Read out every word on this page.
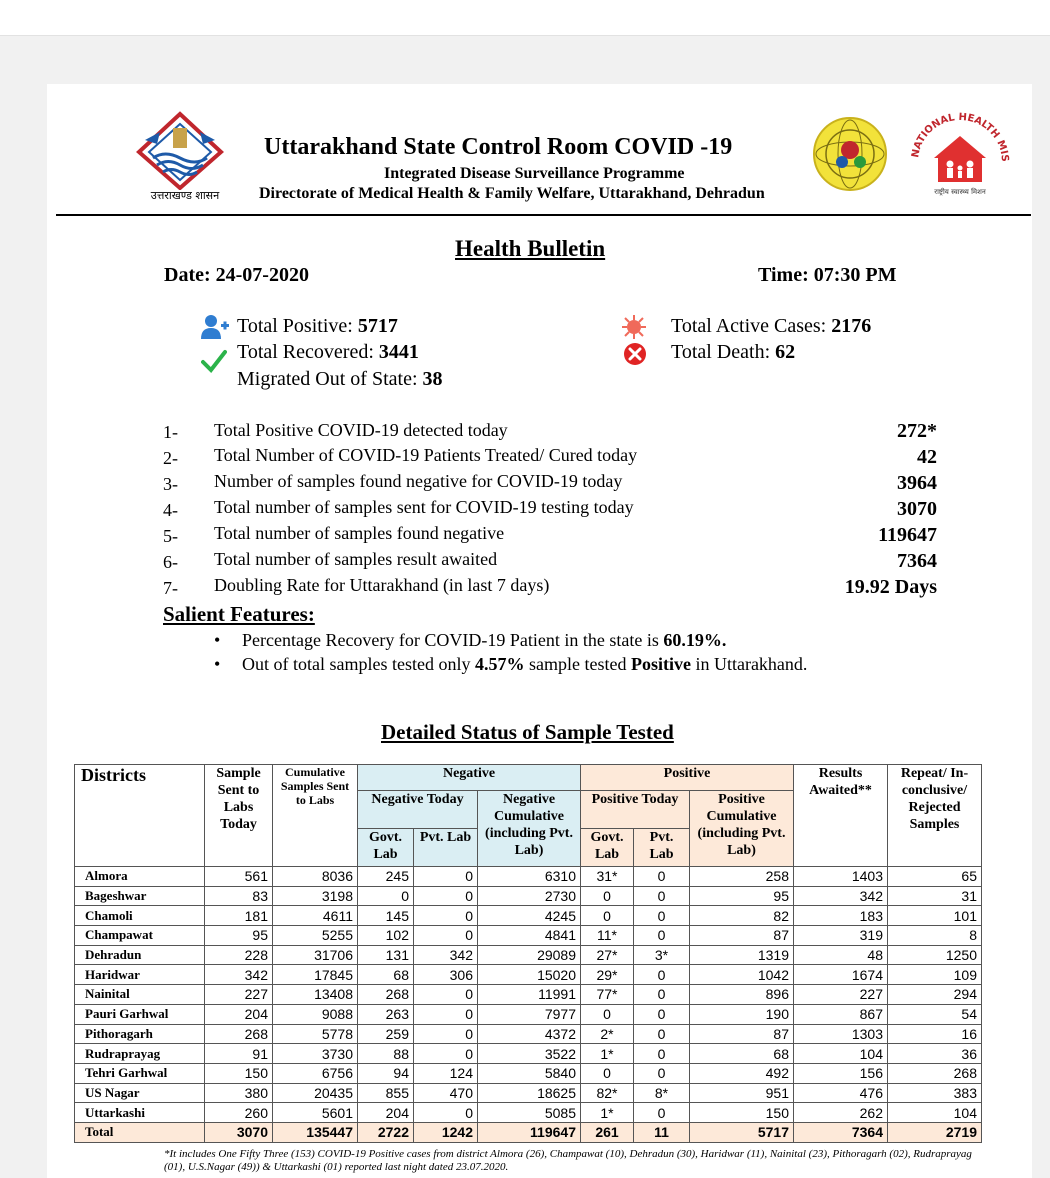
उत्तराखण्ड शासन
Uttarakhand State Control Room COVID -19
Integrated Disease Surveillance Programme
Directorate of Medical Health & Family Welfare, Uttarakhand, Dehradun
NATIONAL HEALTH MIS
राष्ट्रीय स्वास्थ्य मिशन
Health Bulletin
Date: 24-07-2020	Time: 07:30 PM
Total Positive: 5717
Total Recovered: 3441
Migrated Out of State: 38
Total Active Cases: 2176
Total Death: 62
1- Total Positive COVID-19 detected today	272*
2- Total Number of COVID-19 Patients Treated/ Cured today	42
3- Number of samples found negative for COVID-19 today	3964
4- Total number of samples sent for COVID-19 testing today	3070
5- Total number of samples found negative	119647
6- Total number of samples result awaited	7364
7- Doubling Rate for Uttarakhand (in last 7 days)	19.92 Days
Salient Features:
• Percentage Recovery for COVID-19 Patient in the state is 60.19%.
• Out of total samples tested only 4.57% sample tested Positive in Uttarakhand.
Detailed Status of Sample Tested
Districts	Sample Sent to Labs Today	Cumulative Samples Sent to Labs	Negative			Positive			Results Awaited**	Repeat/ In-conclusive/ Rejected Samples
			Negative Today		Negative Cumulative (including Pvt. Lab)	Positive Today		Positive Cumulative (including Pvt. Lab)		
			Govt. Lab	Pvt. Lab		Govt. Lab	Pvt. Lab			
Almora	561	8036	245	0	6310	31*	0	258	1403	65
Bageshwar	83	3198	0	0	2730	0	0	95	342	31
Chamoli	181	4611	145	0	4245	0	0	82	183	101
Champawat	95	5255	102	0	4841	11*	0	87	319	8
Dehradun	228	31706	131	342	29089	27*	3*	1319	48	1250
Haridwar	342	17845	68	306	15020	29*	0	1042	1674	109
Nainital	227	13408	268	0	11991	77*	0	896	227	294
Pauri Garhwal	204	9088	263	0	7977	0	0	190	867	54
Pithoragarh	268	5778	259	0	4372	2*	0	87	1303	16
Rudraprayag	91	3730	88	0	3522	1*	0	68	104	36
Tehri Garhwal	150	6756	94	124	5840	0	0	492	156	268
US Nagar	380	20435	855	470	18625	82*	8*	951	476	383
Uttarkashi	260	5601	204	0	5085	1*	0	150	262	104
Total	3070	135447	2722	1242	119647	261	11	5717	7364	2719
*It includes One Fifty Three (153) COVID-19 Positive cases from district Almora (26), Champawat (10), Dehradun (30), Haridwar (11), Nainital (23), Pithoragarh (02), Rudraprayag (01), U.S.Nagar (49)) & Uttarkashi (01) reported last night dated 23.07.2020.
